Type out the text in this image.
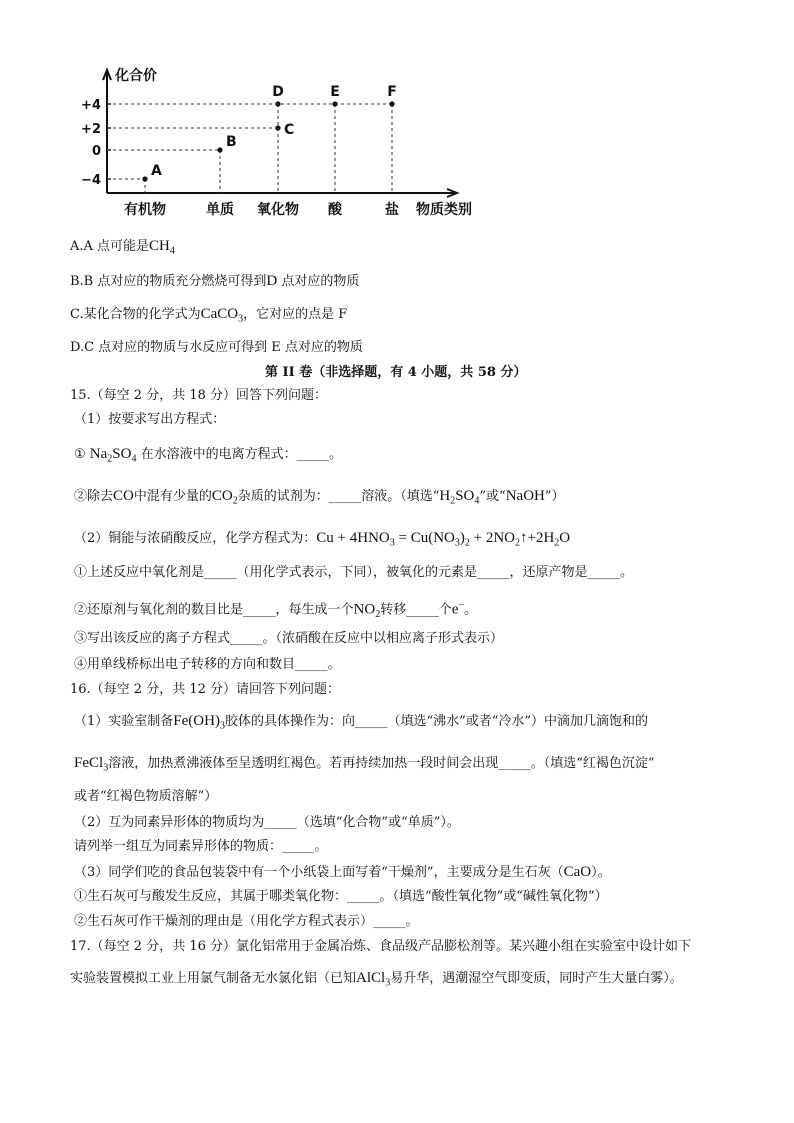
化合价
物质类别
+4
+2
0
−4
有机物	单质 氧化物 酸	盐
A
B
C
D	E	F
A.A 点可能是$CH_4$
B.B 点对应的物质充分燃烧可得到D 点对应的物质
C.某化合物的化学式为CaCO$_3$，它对应的点是 F
D.C 点对应的物质与水反应可得到 E 点对应的物质
第 II 卷（非选择题，有 4 小题，共 58 分）
15.（每空 2 分，共 18 分）回答下列问题：
（1）按要求写出方程式：
① $Na_2SO_4$ 在水溶液中的电离方程式：_____。
②除去CO中混有少量的$CO_2$杂质的试剂为：_____溶液。（填选“$H_2SO_4$”或“NaOH”）
（2）铜能与浓硝酸反应，化学方程式为：$Cu + 4HNO_3 = Cu(NO_3)_2$ + $2NO_2↑+2H_2O$
①上述反应中氧化剂是_____（用化学式表示，下同），被氧化的元素是_____，还原产物是_____。
②还原剂与氧化剂的数目比是_____，每生成一个$NO_2$转移_____个e−。
③写出该反应的离子方程式_____。（浓硝酸在反应中以相应离子形式表示）
④用单线桥标出电子转移的方向和数目_____。
16.（每空 2 分，共 12 分）请回答下列问题：
（1）实验室制备$Fe(OH)_3$胶体的具体操作为：向_____（填选“沸水”或者“冷水”）中滴加几滴饱和的
FeCl$_3$溶液，加热煮沸液体至呈透明红褐色。若再持续加热一段时间会出现_____。（填选“红褐色沉淀”
或者“红褐色物质溶解”）
（2）互为同素异形体的物质均为_____（选填“化合物”或“单质”）。
请列举一组互为同素异形体的物质：_____。
（3）同学们吃的食品包装袋中有一个小纸袋上面写着“干燥剂”，主要成分是生石灰（CaO）。
①生石灰可与酸发生反应，其属于哪类氧化物：_____。（填选“酸性氧化物”或“碱性氧化物”）
②生石灰可作干燥剂的理由是（用化学方程式表示）_____。
17.（每空 2 分，共 16 分）氯化铝常用于金属冶炼、食品级产品膨松剂等。某兴趣小组在实验室中设计如下
实验装置模拟工业上用氯气制备无水氯化铝（已知AlCl$_3$易升华，遇潮湿空气即变质，同时产生大量白雾）。
